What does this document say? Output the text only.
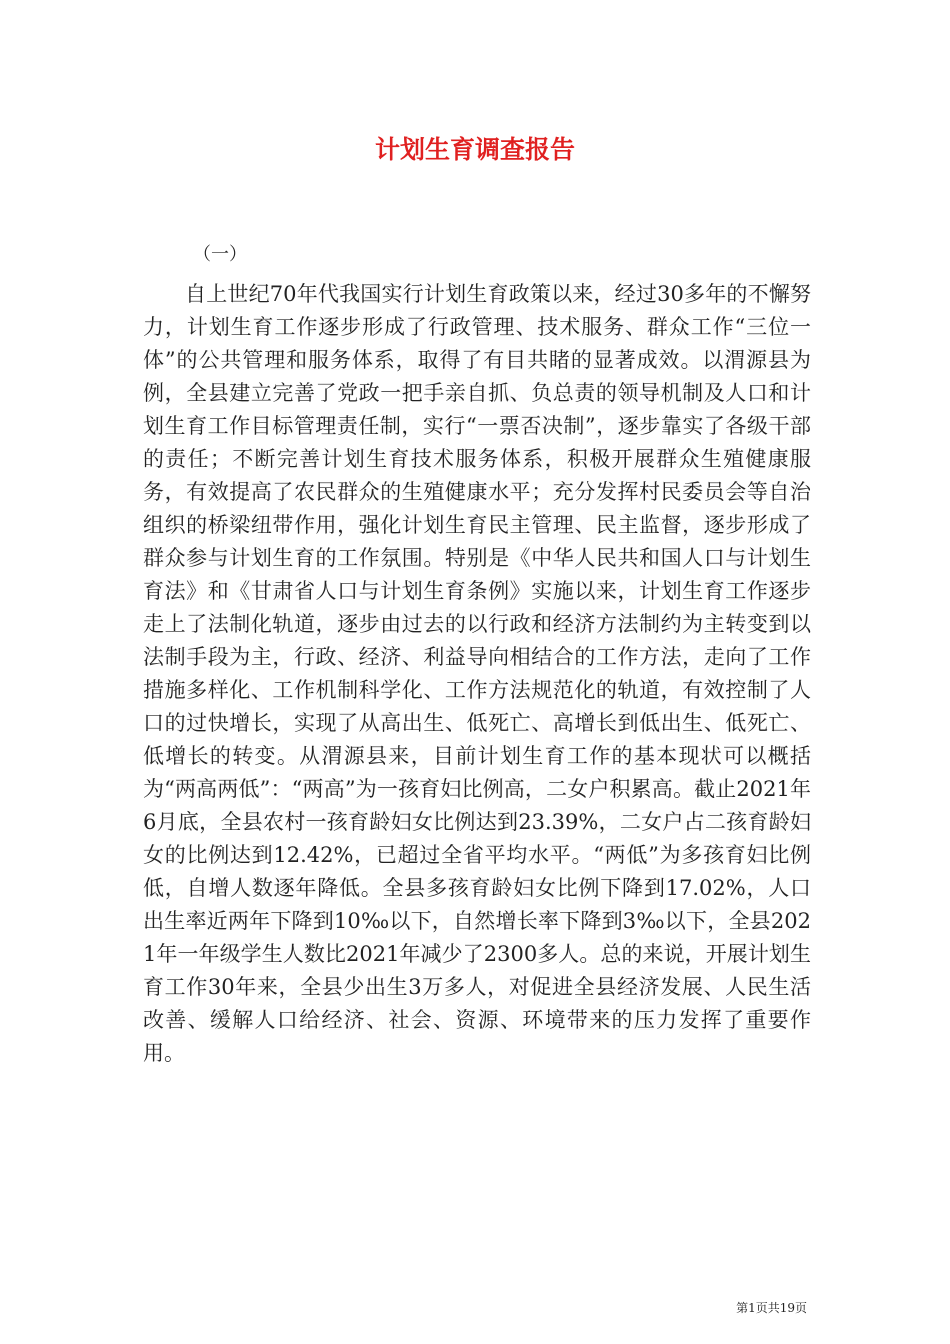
计划生育调查报告
（一）

自上世纪70年代我国实行计划生育政策以来，经过30多年的不懈努力，计划生育工作逐步形成了行政管理、技术服务、群众工作“三位一体”的公共管理和服务体系，取得了有目共睹的显著成效。以渭源县为例，全县建立完善了党政一把手亲自抓、负总责的领导机制及人口和计划生育工作目标管理责任制，实行“一票否决制”，逐步靠实了各级干部的责任；不断完善计划生育技术服务体系，积极开展群众生殖健康服务，有效提高了农民群众的生殖健康水平；充分发挥村民委员会等自治组织的桥梁纽带作用，强化计划生育民主管理、民主监督，逐步形成了群众参与计划生育的工作氛围。特别是《中华人民共和国人口与计划生育法》和《甘肃省人口与计划生育条例》实施以来，计划生育工作逐步走上了法制化轨道，逐步由过去的以行政和经济方法制约为主转变到以法制手段为主，行政、经济、利益导向相结合的工作方法，走向了工作措施多样化、工作机制科学化、工作方法规范化的轨道，有效控制了人口的过快增长，实现了从高出生、低死亡、高增长到低出生、低死亡、低增长的转变。从渭源县来，目前计划生育工作的基本现状可以概括为“两高两低”：“两高”为一孩育妇比例高，二女户积累高。截止2021年6月底，全县农村一孩育龄妇女比例达到23.39%，二女户占二孩育龄妇女的比例达到12.42%，已超过全省平均水平。“两低”为多孩育妇比例低，自增人数逐年降低。全县多孩育龄妇女比例下降到17.02%，人口出生率近两年下降到10‰以下，自然增长率下降到3‰以下，全县2021年一年级学生人数比2021年减少了2300多人。总的来说，开展计划生育工作30年来，全县少出生3万多人，对促进全县经济发展、人民生活改善、缓解人口给经济、社会、资源、环境带来的压力发挥了重要作用。

第1页共19页
